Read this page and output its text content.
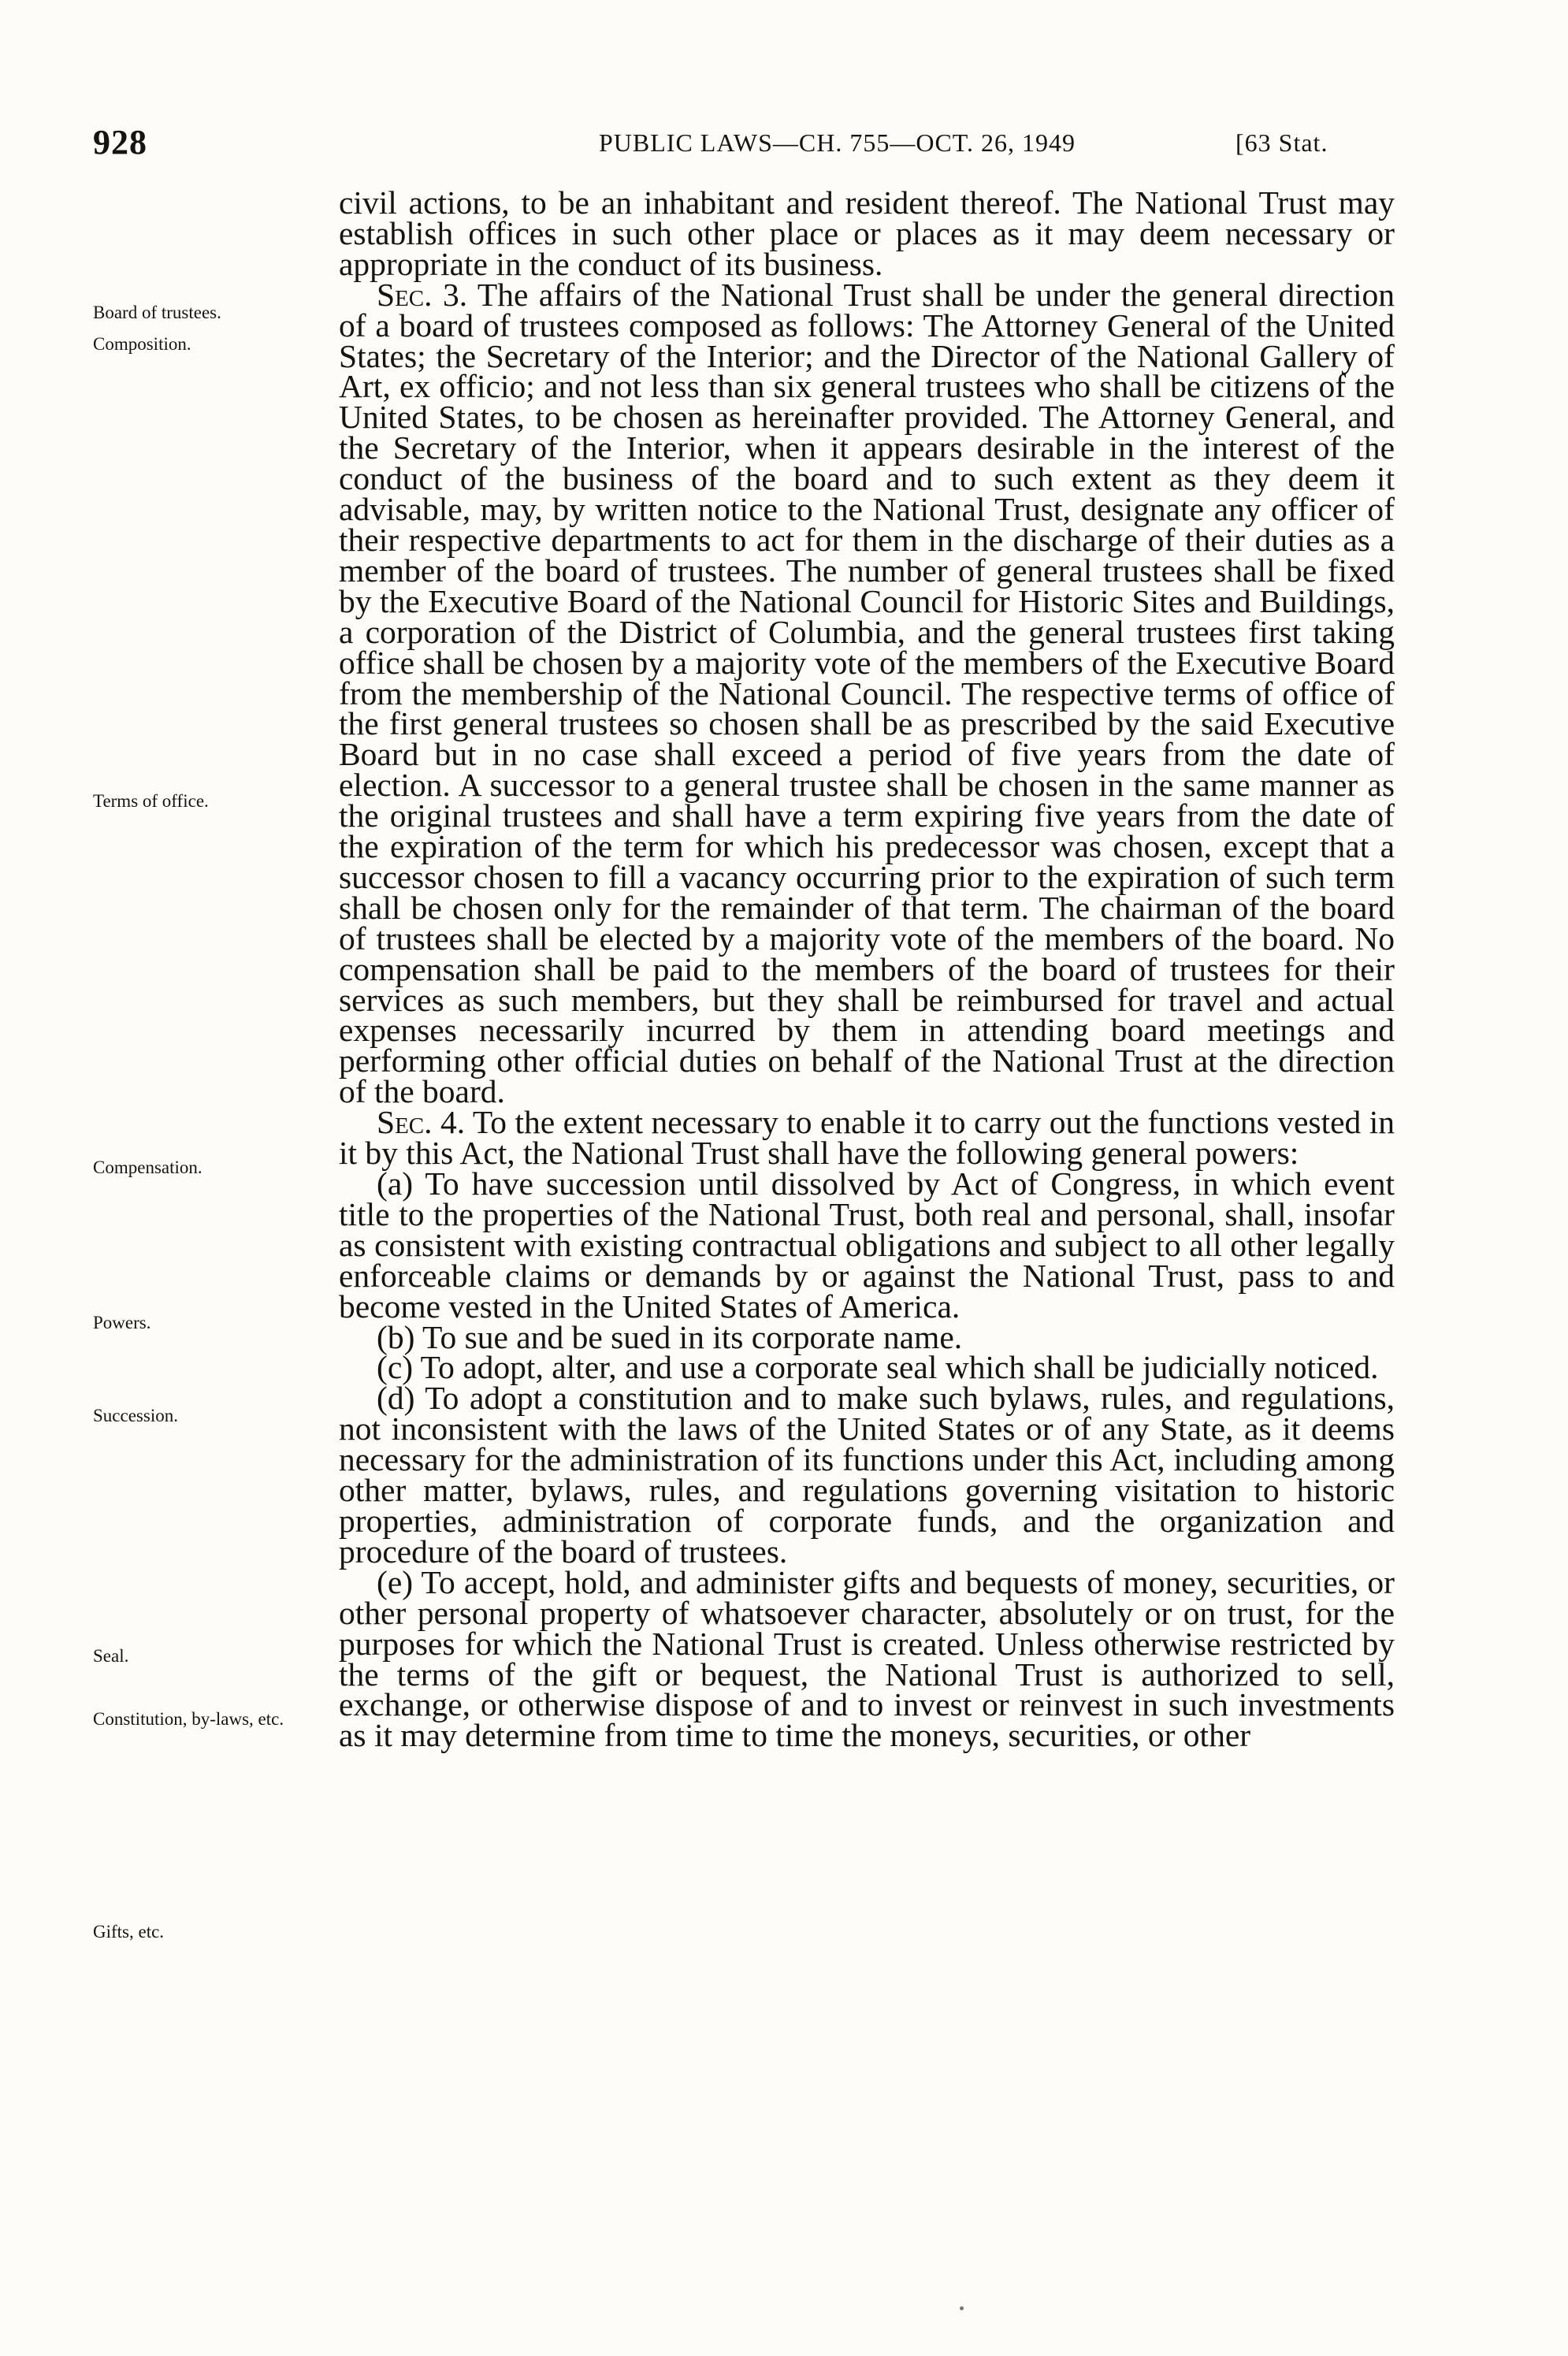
928	PUBLIC LAWS—CH. 755—OCT. 26, 1949	[63 Stat.
Board of trustees.
Composition.
Terms of office.
Compensation.
Powers.
Succession.
Seal.
Constitution, by-laws, etc.
Gifts, etc.

civil actions, to be an inhabitant and resident thereof. The National Trust may establish offices in such other place or places as it may deem necessary or appropriate in the conduct of its business.

Sec. 3. The affairs of the National Trust shall be under the general direction of a board of trustees composed as follows: The Attorney General of the United States; the Secretary of the Interior; and the Director of the National Gallery of Art, ex officio; and not less than six general trustees who shall be citizens of the United States, to be chosen as hereinafter provided. The Attorney General, and the Secretary of the Interior, when it appears desirable in the interest of the conduct of the business of the board and to such extent as they deem it advisable, may, by written notice to the National Trust, designate any officer of their respective departments to act for them in the discharge of their duties as a member of the board of trustees. The number of general trustees shall be fixed by the Executive Board of the National Council for Historic Sites and Buildings, a corporation of the District of Columbia, and the general trustees first taking office shall be chosen by a majority vote of the members of the Executive Board from the membership of the National Council. The respective terms of office of the first general trustees so chosen shall be as prescribed by the said Executive Board but in no case shall exceed a period of five years from the date of election. A successor to a general trustee shall be chosen in the same manner as the original trustees and shall have a term expiring five years from the date of the expiration of the term for which his predecessor was chosen, except that a successor chosen to fill a vacancy occurring prior to the expiration of such term shall be chosen only for the remainder of that term. The chairman of the board of trustees shall be elected by a majority vote of the members of the board. No compensation shall be paid to the members of the board of trustees for their services as such members, but they shall be reimbursed for travel and actual expenses necessarily incurred by them in attending board meetings and performing other official duties on behalf of the National Trust at the direction of the board.

Sec. 4. To the extent necessary to enable it to carry out the functions vested in it by this Act, the National Trust shall have the following general powers:

(a) To have succession until dissolved by Act of Congress, in which event title to the properties of the National Trust, both real and personal, shall, insofar as consistent with existing contractual obligations and subject to all other legally enforceable claims or demands by or against the National Trust, pass to and become vested in the United States of America.

(b) To sue and be sued in its corporate name.

(c) To adopt, alter, and use a corporate seal which shall be judicially noticed.

(d) To adopt a constitution and to make such bylaws, rules, and regulations, not inconsistent with the laws of the United States or of any State, as it deems necessary for the administration of its functions under this Act, including among other matter, bylaws, rules, and regulations governing visitation to historic properties, administration of corporate funds, and the organization and procedure of the board of trustees.

(e) To accept, hold, and administer gifts and bequests of money, securities, or other personal property of whatsoever character, absolutely or on trust, for the purposes for which the National Trust is created. Unless otherwise restricted by the terms of the gift or bequest, the National Trust is authorized to sell, exchange, or otherwise dispose of and to invest or reinvest in such investments as it may determine from time to time the moneys, securities, or other
